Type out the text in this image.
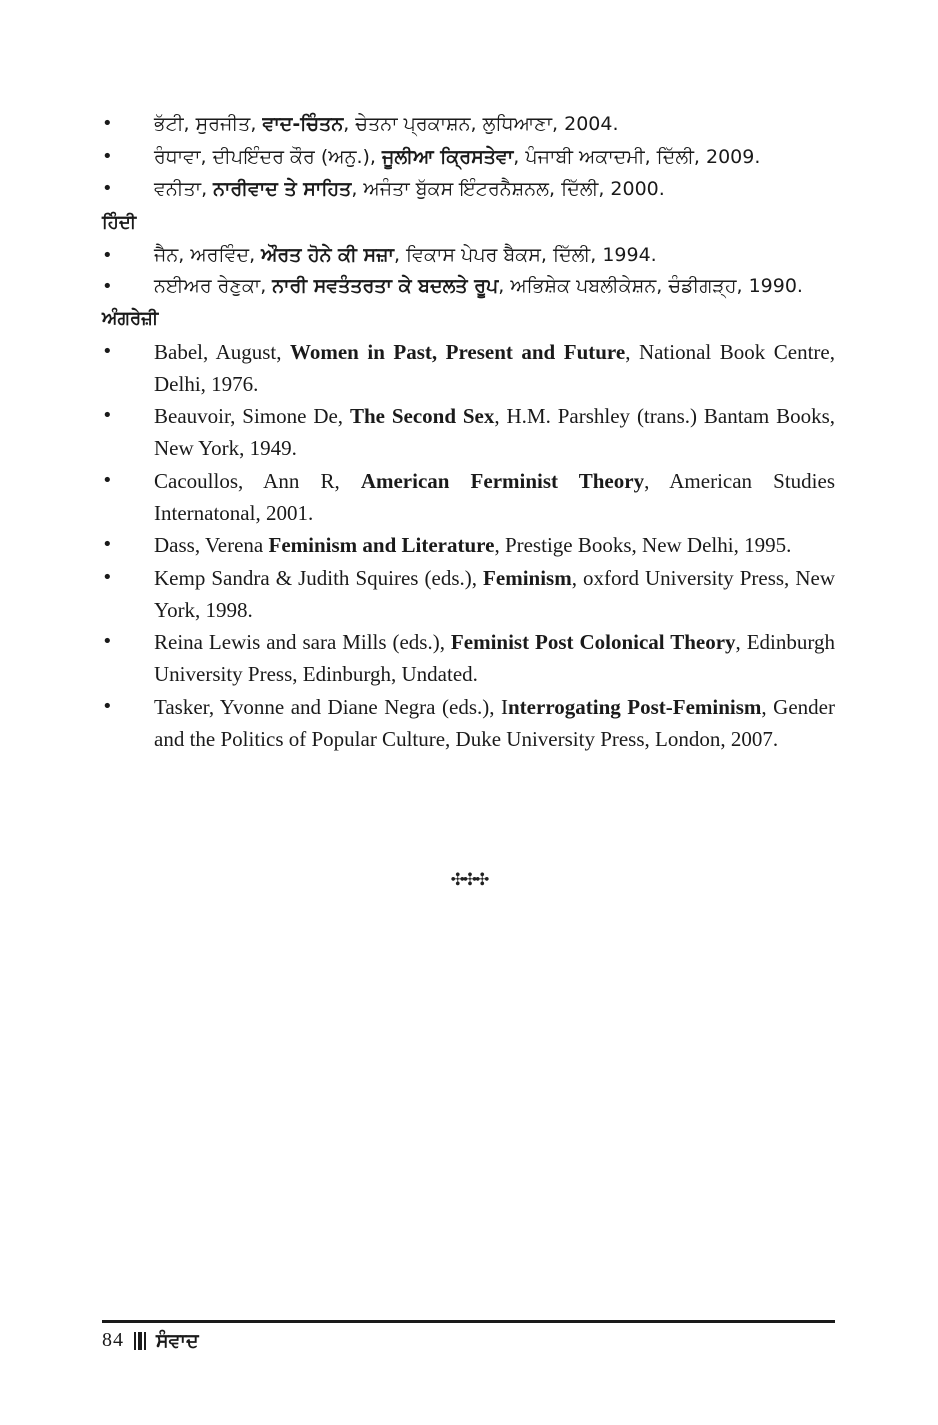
• ਭੱਟੀ, ਸੁਰਜੀਤ, ਵਾਦ-ਚਿੰਤਨ, ਚੇਤਨਾ ਪ੍ਰਕਾਸ਼ਨ, ਲੁਧਿਆਣਾ, 2004.
• ਰੰਧਾਵਾ, ਦੀਪਇੰਦਰ ਕੌਰ (ਅਨੁ.), ਜੂਲੀਆ ਕ੍ਰਿਸਤੇਵਾ, ਪੰਜਾਬੀ ਅਕਾਦਮੀ, ਦਿੱਲੀ, 2009.
• ਵਨੀਤਾ, ਨਾਰੀਵਾਦ ਤੇ ਸਾਹਿਤ, ਅਜੰਤਾ ਬੁੱਕਸ ਇੰਟਰਨੈਸ਼ਨਲ, ਦਿੱਲੀ, 2000.
ਹਿੰਦੀ
• ਜੈਨ, ਅਰਵਿੰਦ, ਔਰਤ ਹੋਨੇ ਕੀ ਸਜ਼ਾ, ਵਿਕਾਸ ਪੇਪਰ ਬੈਕਸ, ਦਿੱਲੀ, 1994.
• ਨਈਅਰ ਰੇਣੁਕਾ, ਨਾਰੀ ਸਵਤੰਤਰਤਾ ਕੇ ਬਦਲਤੇ ਰੂਪ, ਅਭਿਸ਼ੇਕ ਪਬਲੀਕੇਸ਼ਨ, ਚੰਡੀਗੜ੍ਹ, 1990.
ਅੰਗਰੇਜ਼ੀ
• Babel, August, Women in Past, Present and Future, National Book Centre, Delhi, 1976.
• Beauvoir, Simone De, The Second Sex, H.M. Parshley (trans.) Bantam Books, New York, 1949.
• Cacoullos, Ann R, American Ferminist Theory, American Studies Internatonal, 2001.
• Dass, Verena Feminism and Literature, Prestige Books, New Delhi, 1995.
• Kemp Sandra & Judith Squires (eds.), Feminism, oxford University Press, New York, 1998.
• Reina Lewis and sara Mills (eds.), Feminist Post Colonical Theory, Edinburgh University Press, Edinburgh, Undated.
• Tasker, Yvonne and Diane Negra (eds.), Interrogating Post-Feminism, Gender and the Politics of Popular Culture, Duke University Press, London, 2007.
✣✣✣
84 ਸੰਵਾਦ
